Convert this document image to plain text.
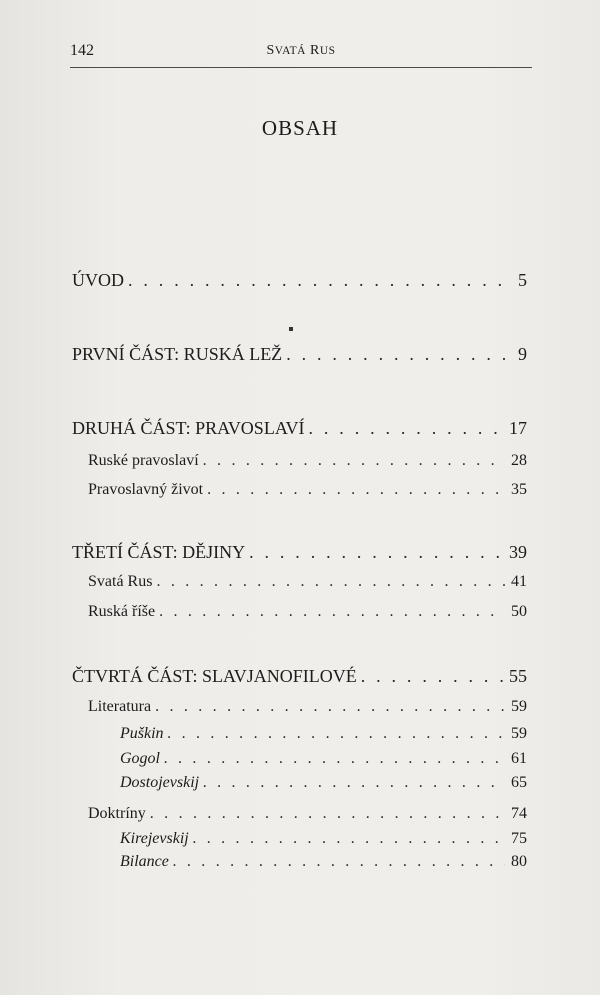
142	SVATÁ RUS
OBSAH
ÚVOD . . .	5
PRVNÍ ČÁST: RUSKÁ LEŽ . . .	9
DRUHÁ ČÁST: PRAVOSLAVÍ . . .	17
Ruské pravoslaví . . .	28
Pravoslavný život . . .	35
TŘETÍ ČÁST: DĚJINY . . .	39
Svatá Rus . . .	41
Ruská říše . . .	50
ČTVRTÁ ČÁST: SLAVJANOFILOVÉ . . .	55
Literatura . . .	59
Puškin . . .	59
Gogol . . .	61
Dostojevskij . . .	65
Doktríny . . .	74
Kirejevskij . . .	75
Bilance . . .	80
